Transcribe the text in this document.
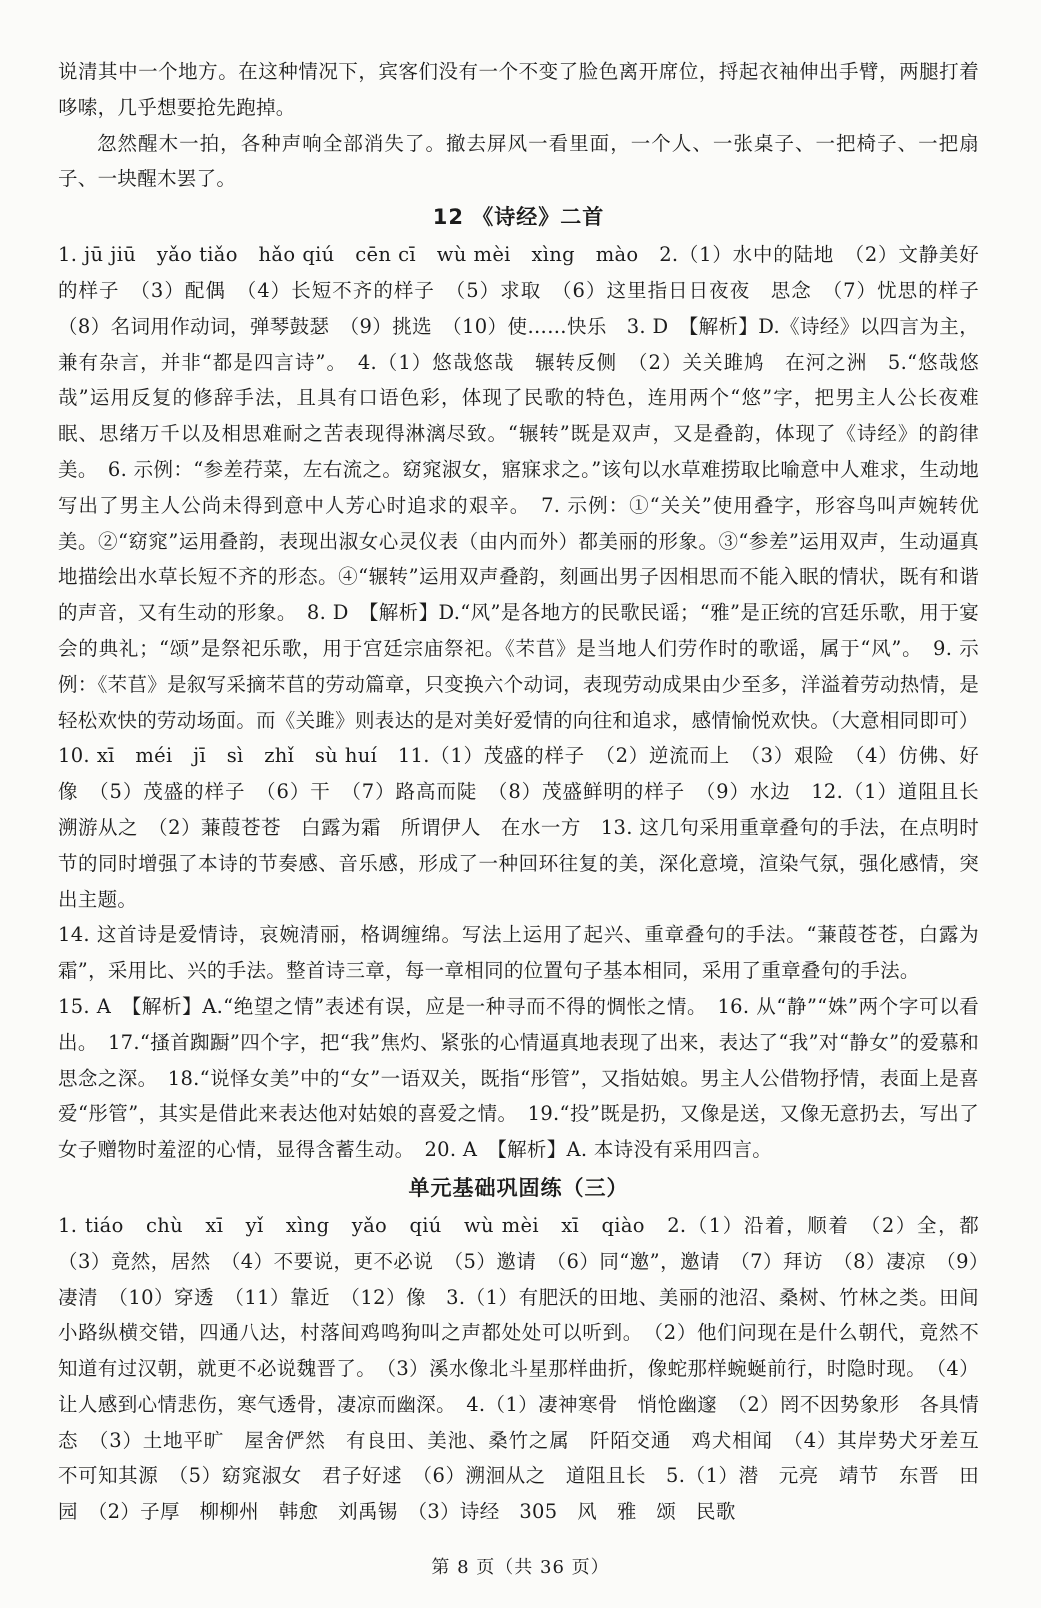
说清其中一个地方。在这种情况下，宾客们没有一个不变了脸色离开席位，捋起衣袖伸出手臂，两腿打着哆嗦，几乎想要抢先跑掉。

忽然醒木一拍，各种声响全部消失了。撤去屏风一看里面，一个人、一张桌子、一把椅子、一把扇子、一块醒木罢了。

12 《诗经》二首

1. jū jiū　yǎo tiǎo　hǎo qiú　cēn cī　wù mèi　xìng　mào　2.（1）水中的陆地　（2）文静美好的样子　（3）配偶　（4）长短不齐的样子　（5）求取　（6）这里指日日夜夜　思念　（7）忧思的样子　（8）名词用作动词，弹琴鼓瑟　（9）挑选　（10）使……快乐　3. D　【解析】D.《诗经》以四言为主，兼有杂言，并非“都是四言诗”。　4.（1）悠哉悠哉　辗转反侧　（2）关关雎鸠　在河之洲　5.“悠哉悠哉”运用反复的修辞手法，且具有口语色彩，体现了民歌的特色，连用两个“悠”字，把男主人公长夜难眠、思绪万千以及相思难耐之苦表现得淋漓尽致。“辗转”既是双声，又是叠韵，体现了《诗经》的韵律美。　6. 示例：“参差荇菜，左右流之。窈窕淑女，寤寐求之。”该句以水草难捞取比喻意中人难求，生动地写出了男主人公尚未得到意中人芳心时追求的艰辛。　7. 示例：①“关关”使用叠字，形容鸟叫声婉转优美。②“窈窕”运用叠韵，表现出淑女心灵仪表（由内而外）都美丽的形象。③“参差”运用双声，生动逼真地描绘出水草长短不齐的形态。④“辗转”运用双声叠韵，刻画出男子因相思而不能入眠的情状，既有和谐的声音，又有生动的形象。　8. D　【解析】D.“风”是各地方的民歌民谣；“雅”是正统的宫廷乐歌，用于宴会的典礼；“颂”是祭祀乐歌，用于宫廷宗庙祭祀。《芣苢》是当地人们劳作时的歌谣，属于“风”。　9. 示例：《芣苢》是叙写采摘芣苢的劳动篇章，只变换六个动词，表现劳动成果由少至多，洋溢着劳动热情，是轻松欢快的劳动场面。而《关雎》则表达的是对美好爱情的向往和追求，感情愉悦欢快。（大意相同即可）

10. xī　méi　jī　sì　zhǐ　sù huí　11.（1）茂盛的样子　（2）逆流而上　（3）艰险　（4）仿佛、好像　（5）茂盛的样子　（6）干　（7）路高而陡　（8）茂盛鲜明的样子　（9）水边　12.（1）道阻且长　溯游从之　（2）蒹葭苍苍　白露为霜　所谓伊人　在水一方　13. 这几句采用重章叠句的手法，在点明时节的同时增强了本诗的节奏感、音乐感，形成了一种回环往复的美，深化意境，渲染气氛，强化感情，突出主题。

14. 这首诗是爱情诗，哀婉清丽，格调缠绵。写法上运用了起兴、重章叠句的手法。“蒹葭苍苍，白露为霜”，采用比、兴的手法。整首诗三章，每一章相同的位置句子基本相同，采用了重章叠句的手法。

15. A　【解析】A.“绝望之情”表述有误，应是一种寻而不得的惆怅之情。　16. 从“静”“姝”两个字可以看出。　17.“搔首踟蹰”四个字，把“我”焦灼、紧张的心情逼真地表现了出来，表达了“我”对“静女”的爱慕和思念之深。　18.“说怿女美”中的“女”一语双关，既指“彤管”，又指姑娘。男主人公借物抒情，表面上是喜爱“彤管”，其实是借此来表达他对姑娘的喜爱之情。　19.“投”既是扔，又像是送，又像无意扔去，写出了女子赠物时羞涩的心情，显得含蓄生动。　20. A　【解析】A. 本诗没有采用四言。

单元基础巩固练（三）

1. tiáo　chù　xī　yǐ　xìng　yǎo　qiú　wù mèi　xī　qiào　2.（1）沿着，顺着　（2）全，都　（3）竟然，居然　（4）不要说，更不必说　（5）邀请　（6）同“邀”，邀请　（7）拜访　（8）凄凉　（9）凄清　（10）穿透　（11）靠近　（12）像　3.（1）有肥沃的田地、美丽的池沼、桑树、竹林之类。田间小路纵横交错，四通八达，村落间鸡鸣狗叫之声都处处可以听到。　（2）他们问现在是什么朝代，竟然不知道有过汉朝，就更不必说魏晋了。　（3）溪水像北斗星那样曲折，像蛇那样蜿蜒前行，时隐时现。　（4）让人感到心情悲伤，寒气透骨，凄凉而幽深。　4.（1）凄神寒骨　悄怆幽邃　（2）罔不因势象形　各具情态　（3）土地平旷　屋舍俨然　有良田、美池、桑竹之属　阡陌交通　鸡犬相闻　（4）其岸势犬牙差互　不可知其源　（5）窈窕淑女　君子好逑　（6）溯洄从之　道阻且长　5.（1）潜　元亮　靖节　东晋　田园　（2）子厚　柳柳州　韩愈　刘禹锡　（3）诗经　305　风　雅　颂　民歌

第 8 页（共 36 页）
